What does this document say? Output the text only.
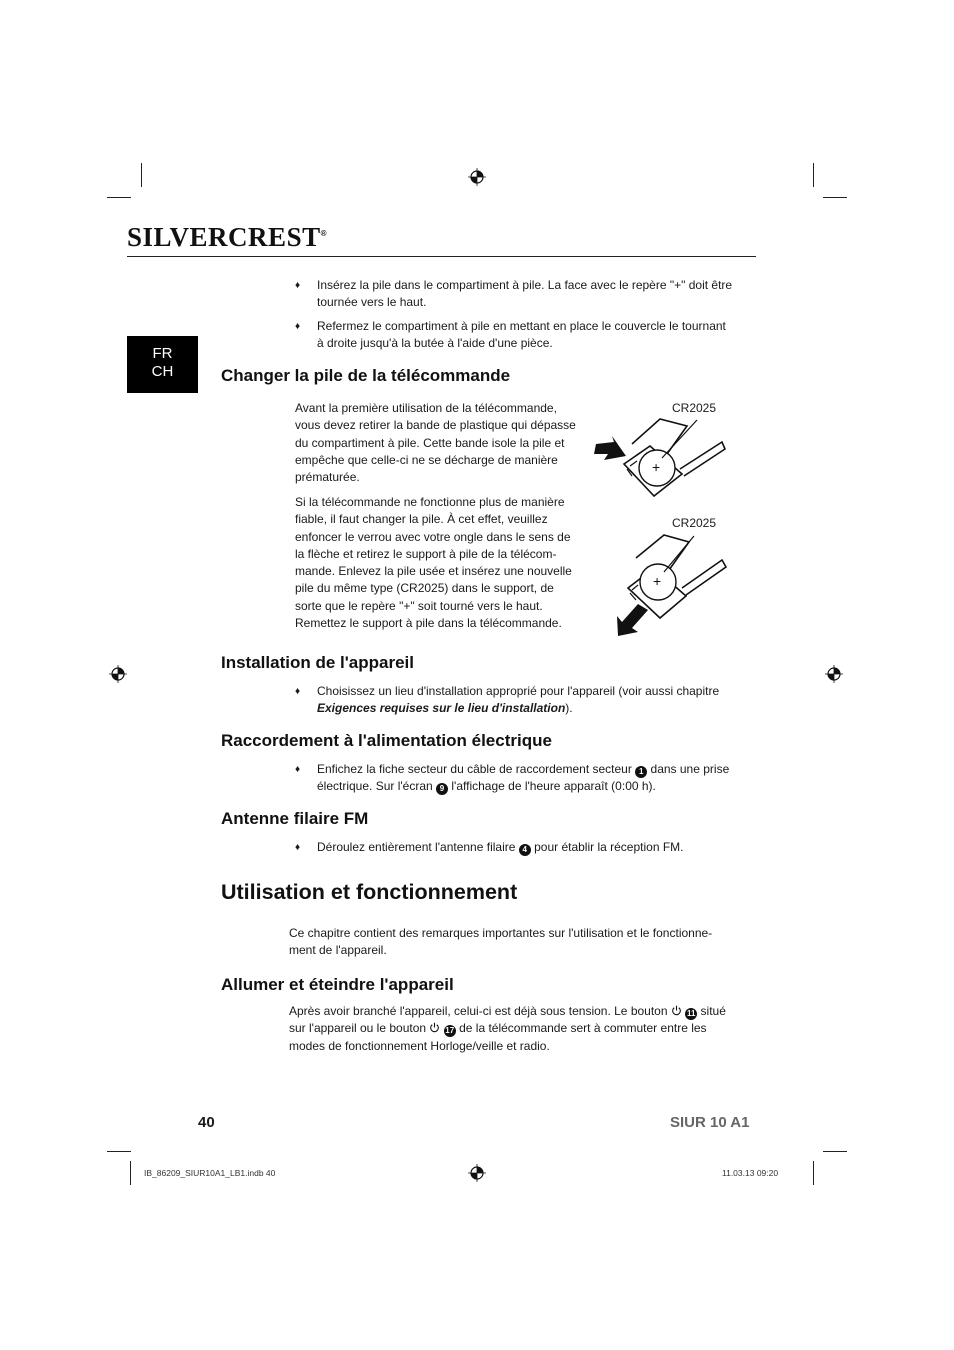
SILVERCREST®
FR
CH
♦ Insérez la pile dans le compartiment à pile. La face avec le repère "+" doit être tournée vers le haut.
♦ Refermez le compartiment à pile en mettant en place le couvercle le tournant à droite jusqu'à la butée à l'aide d'une pièce.
Changer la pile de la télécommande
Avant la première utilisation de la télécommande, vous devez retirer la bande de plastique qui dépasse du compartiment à pile. Cette bande isole la pile et empêche que celle-ci ne se décharge de manière prématurée.
Si la télécommande ne fonctionne plus de manière fiable, il faut changer la pile. À cet effet, veuillez enfoncer le verrou avec votre ongle dans le sens de la flèche et retirez le support à pile de la télécom-mande. Enlevez la pile usée et insérez une nouvelle pile du même type (CR2025) dans le support, de sorte que le repère "+" soit tourné vers le haut. Remettez le support à pile dans la télécommande.
CR2025
+
CR2025
+
Installation de l'appareil
♦ Choisissez un lieu d'installation approprié pour l'appareil (voir aussi chapitre Exigences requises sur le lieu d'installation).
Raccordement à l'alimentation électrique
♦ Enfichez la fiche secteur du câble de raccordement secteur 1 dans une prise électrique. Sur l'écran 9 l'affichage de l'heure apparaît (0:00 h).
Antenne filaire FM
♦ Déroulez entièrement l'antenne filaire 4 pour établir la réception FM.
Utilisation et fonctionnement
Ce chapitre contient des remarques importantes sur l'utilisation et le fonctionne-ment de l'appareil.
Allumer et éteindre l'appareil
Après avoir branché l'appareil, celui-ci est déjà sous tension. Le bouton 11 situé sur l'appareil ou le bouton 17 de la télécommande sert à commuter entre les modes de fonctionnement Horloge/veille et radio.
40	SIUR 10 A1
IB_86209_SIUR10A1_LB1.indb 40	11.03.13 09:20
